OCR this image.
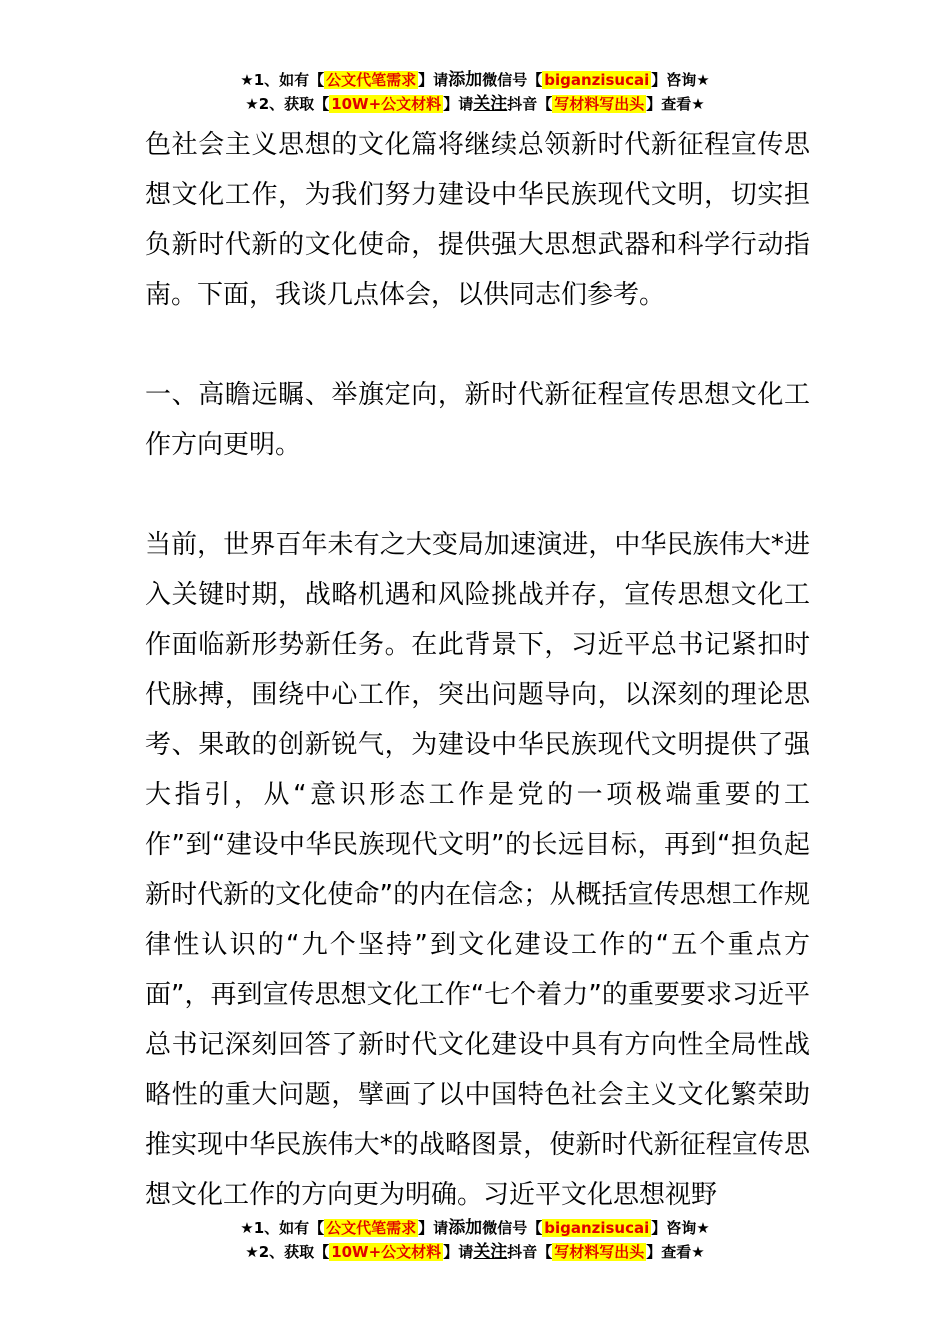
★1、如有【 公文代笔需求 】请添加微信号【 biganzisucai 】咨询★
★2、获取【 10W+公文材料 】请关注抖音【 写材料写出头 】查看★

色社会主义思想的文化篇将继续总领新时代新征程宣传思想文化工作，为我们努力建设中华民族现代文明，切实担负新时代新的文化使命，提供强大思想武器和科学行动指南。下面，我谈几点体会，以供同志们参考。

一、高瞻远瞩、举旗定向，新时代新征程宣传思想文化工作方向更明。

当前，世界百年未有之大变局加速演进，中华民族伟大*进入关键时期，战略机遇和风险挑战并存，宣传思想文化工作面临新形势新任务。在此背景下，习近平总书记紧扣时代脉搏，围绕中心工作，突出问题导向，以深刻的理论思考、果敢的创新锐气，为建设中华民族现代文明提供了强大指引，从“意识形态工作是党的一项极端重要的工作”到“建设中华民族现代文明”的长远目标，再到“担负起新时代新的文化使命”的内在信念；从概括宣传思想工作规律性认识的“九个坚持”到文化建设工作的“五个重点方面”，再到宣传思想文化工作“七个着力”的重要要求习近平总书记深刻回答了新时代文化建设中具有方向性全局性战略性的重大问题，擘画了以中国特色社会主义文化繁荣助推实现中华民族伟大*的战略图景，使新时代新征程宣传思想文化工作的方向更为明确。习近平文化思想视野

★1、如有【 公文代笔需求 】请添加微信号【 biganzisucai 】咨询★
★2、获取【 10W+公文材料 】请关注抖音【 写材料写出头 】查看★
